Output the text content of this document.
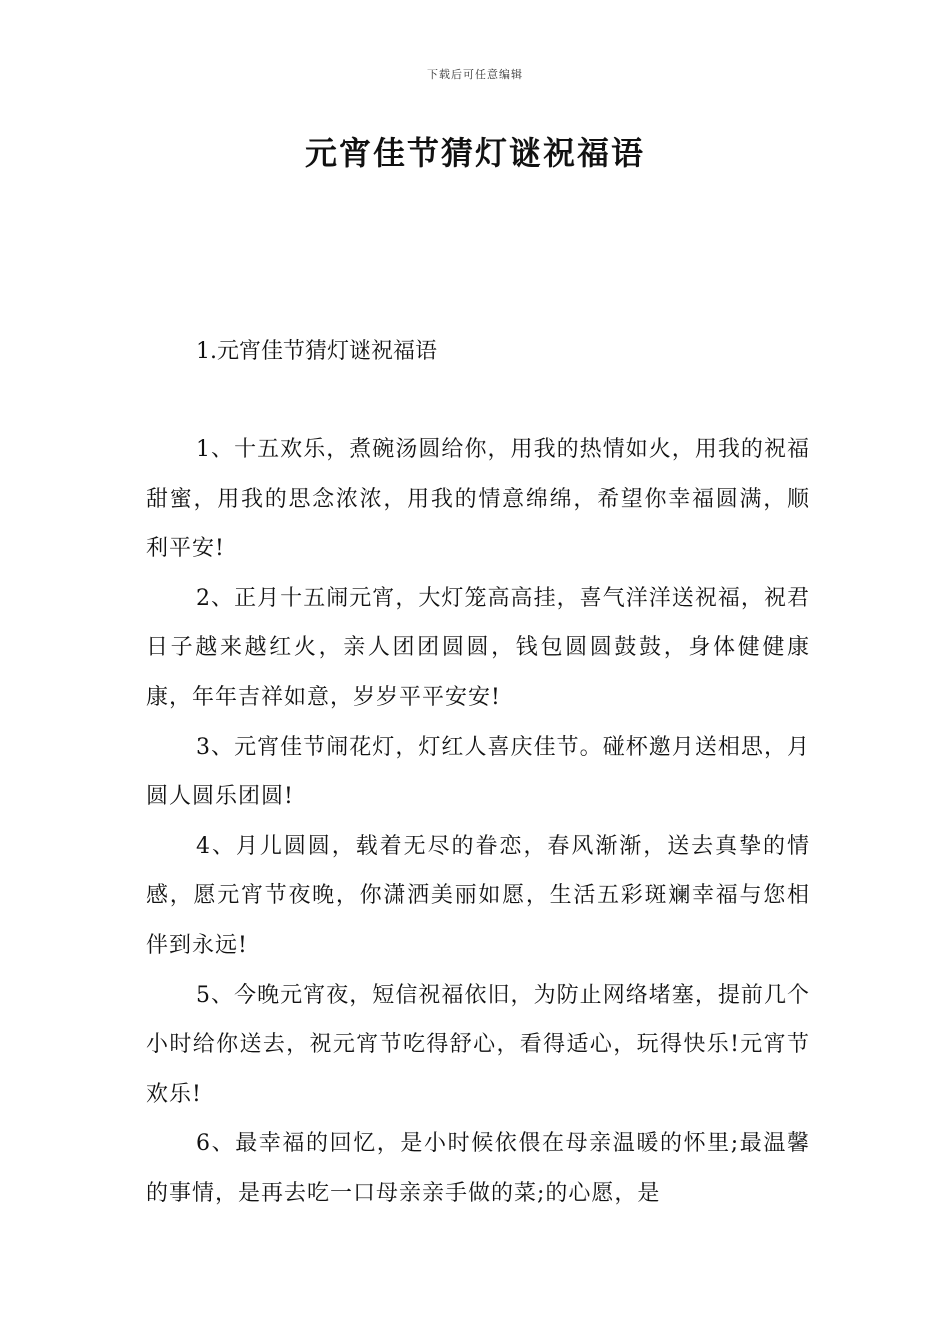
下载后可任意编辑
元宵佳节猜灯谜祝福语
1.元宵佳节猜灯谜祝福语

1、十五欢乐，煮碗汤圆给你，用我的热情如火，用我的祝福甜蜜，用我的思念浓浓，用我的情意绵绵，希望你幸福圆满，顺利平安!

2、正月十五闹元宵，大灯笼高高挂，喜气洋洋送祝福，祝君日子越来越红火，亲人团团圆圆，钱包圆圆鼓鼓，身体健健康康，年年吉祥如意，岁岁平平安安!

3、元宵佳节闹花灯，灯红人喜庆佳节。碰杯邀月送相思，月圆人圆乐团圆!

4、月儿圆圆，载着无尽的眷恋，春风渐渐，送去真挚的情感，愿元宵节夜晚，你潇洒美丽如愿，生活五彩斑斓幸福与您相伴到永远!

5、今晚元宵夜，短信祝福依旧，为防止网络堵塞，提前几个小时给你送去，祝元宵节吃得舒心，看得适心，玩得快乐!元宵节欢乐!

6、最幸福的回忆，是小时候依偎在母亲温暖的怀里;最温馨的事情，是再去吃一口母亲亲手做的菜;的心愿，是
